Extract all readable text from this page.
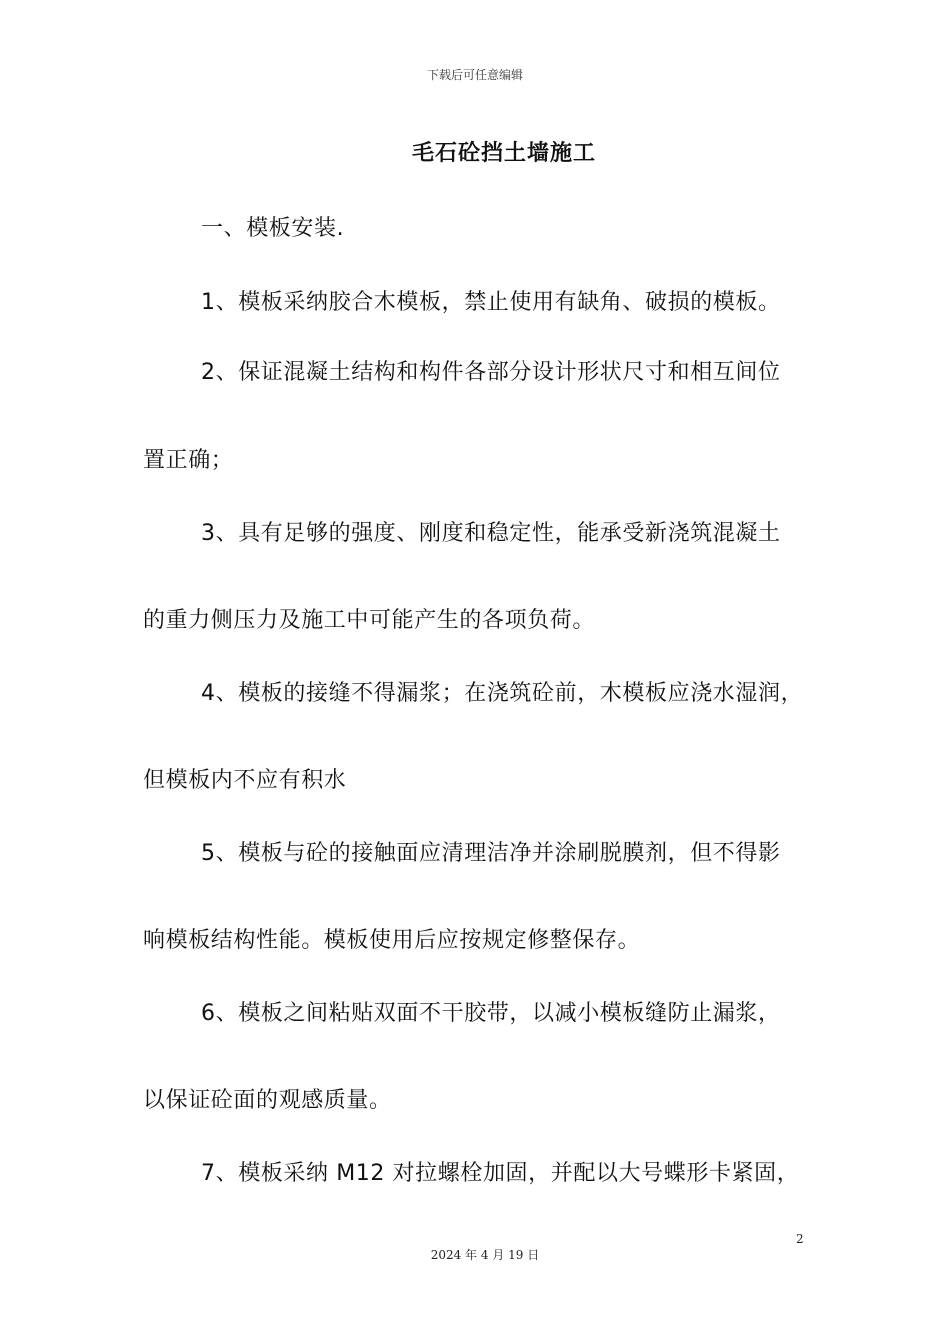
下载后可任意编辑
毛石砼挡土墙施工
一、模板安装.
1、模板采纳胶合木模板，禁止使用有缺角、破损的模板。
2、保证混凝土结构和构件各部分设计形状尺寸和相互间位
置正确；
3、具有足够的强度、刚度和稳定性，能承受新浇筑混凝土
的重力侧压力及施工中可能产生的各项负荷。
4、模板的接缝不得漏浆；在浇筑砼前，木模板应浇水湿润，
但模板内不应有积水
5、模板与砼的接触面应清理洁净并涂刷脱膜剂，但不得影
响模板结构性能。模板使用后应按规定修整保存。
6、模板之间粘贴双面不干胶带，以减小模板缝防止漏浆，
以保证砼面的观感质量。
7、模板采纳 M12 对拉螺栓加固，并配以大号蝶形卡紧固，
2
2024 年 4 月 19 日
